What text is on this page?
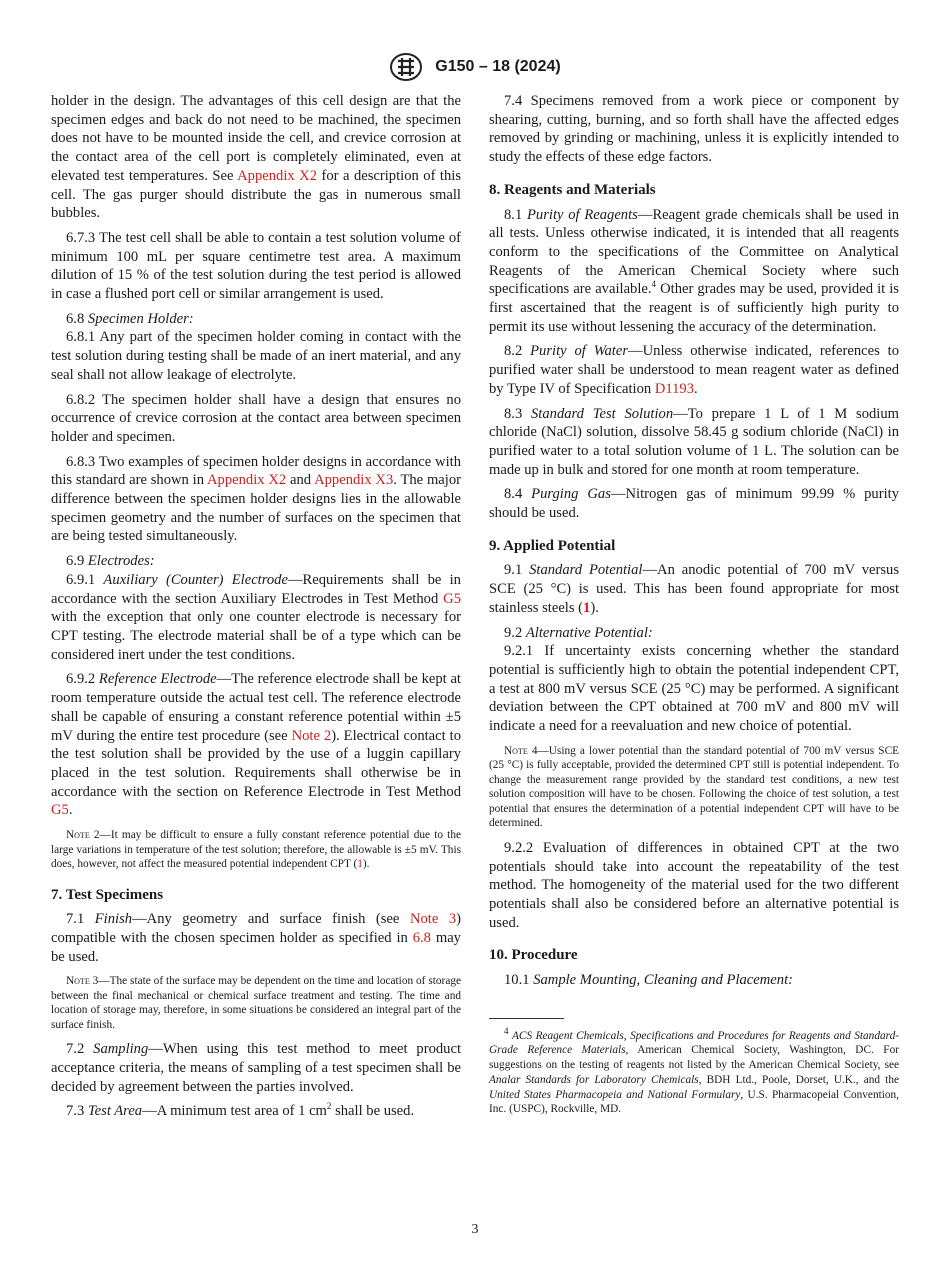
G150 – 18 (2024)

holder in the design. The advantages of this cell design are that the specimen edges and back do not need to be machined, the specimen does not have to be mounted inside the cell, and crevice corrosion at the contact area of the cell port is completely eliminated, even at elevated test temperatures. See Appendix X2 for a description of this cell. The gas purger should distribute the gas in numerous small bubbles.

6.7.3 The test cell shall be able to contain a test solution volume of minimum 100 mL per square centimetre test area. A maximum dilution of 15 % of the test solution during the test period is allowed in case a flushed port cell or similar arrangement is used.

6.8 Specimen Holder:

6.8.1 Any part of the specimen holder coming in contact with the test solution during testing shall be made of an inert material, and any seal shall not allow leakage of electrolyte.

6.8.2 The specimen holder shall have a design that ensures no occurrence of crevice corrosion at the contact area between specimen holder and specimen.

6.8.3 Two examples of specimen holder designs in accordance with this standard are shown in Appendix X2 and Appendix X3. The major difference between the specimen holder designs lies in the allowable specimen geometry and the number of surfaces on the specimen that are being tested simultaneously.

6.9 Electrodes:

6.9.1 Auxiliary (Counter) Electrode—Requirements shall be in accordance with the section Auxiliary Electrodes in Test Method G5 with the exception that only one counter electrode is necessary for CPT testing. The electrode material shall be of a type which can be considered inert under the test conditions.

6.9.2 Reference Electrode—The reference electrode shall be kept at room temperature outside the actual test cell. The reference electrode shall be capable of ensuring a constant reference potential within ±5 mV during the entire test procedure (see Note 2). Electrical contact to the test solution shall be provided by the use of a luggin capillary placed in the test solution. Requirements shall otherwise be in accordance with the section on Reference Electrode in Test Method G5.

Note 2—It may be difficult to ensure a fully constant reference potential due to the large variations in temperature of the test solution; therefore, the allowable is ±5 mV. This does, however, not affect the measured potential independent CPT (1).
7. Test Specimens

7.1 Finish—Any geometry and surface finish (see Note 3) compatible with the chosen specimen holder as specified in 6.8 may be used.

Note 3—The state of the surface may be dependent on the time and location of storage between the final mechanical or chemical surface treatment and testing. The time and location of storage may, therefore, in some situations be considered an integral part of the surface finish.

7.2 Sampling—When using this test method to meet product acceptance criteria, the means of sampling of a test specimen shall be decided by agreement between the parties involved.

7.3 Test Area—A minimum test area of 1 $cm^2$ shall be used.

7.4 Specimens removed from a work piece or component by shearing, cutting, burning, and so forth shall have the affected edges removed by grinding or machining, unless it is explicitly intended to study the effects of these edge factors.

8. Reagents and Materials

8.1 Purity of Reagents—Reagent grade chemicals shall be used in all tests. Unless otherwise indicated, it is intended that all reagents conform to the specifications of the Committee on Analytical Reagents of the American Chemical Society where such specifications are available.$^4$ Other grades may be used, provided it is first ascertained that the reagent is of sufficiently high purity to permit its use without lessening the accuracy of the determination.

8.2 Purity of Water—Unless otherwise indicated, references to purified water shall be understood to mean reagent water as defined by Type IV of Specification D1193.

8.3 Standard Test Solution—To prepare 1 L of 1 M sodium chloride (NaCl) solution, dissolve 58.45 g sodium chloride (NaCl) in purified water to a total solution volume of 1 L. The solution can be made up in bulk and stored for one month at room temperature.

8.4 Purging Gas—Nitrogen gas of minimum 99.99 % purity should be used.

9. Applied Potential

9.1 Standard Potential—An anodic potential of 700 mV versus SCE (25 °C) is used. This has been found appropriate for most stainless steels (1).

9.2 Alternative Potential:

9.2.1 If uncertainty exists concerning whether the standard potential is sufficiently high to obtain the potential independent CPT, a test at 800 mV versus SCE (25 °C) may be performed. A significant deviation between the CPT obtained at 700 mV and 800 mV will indicate a need for a reevaluation and new choice of potential.

Note 4—Using a lower potential than the standard potential of 700 mV versus SCE (25 °C) is fully acceptable, provided the determined CPT still is potential independent. To change the measurement range provided by the standard test conditions, a new test solution composition will have to be chosen. Following the choice of test solution, a test potential that ensures the determination of a potential independent CPT will have to be determined.

9.2.2 Evaluation of differences in obtained CPT at the two potentials should take into account the repeatability of the test method. The homogeneity of the material used for the two different potentials shall also be considered before an alternative potential is used.

10. Procedure

10.1 Sample Mounting, Cleaning and Placement:

$^4$ ACS Reagent Chemicals, Specifications and Procedures for Reagents and Standard-Grade Reference Materials, American Chemical Society, Washington, DC. For suggestions on the testing of reagents not listed by the American Chemical Society, see Analar Standards for Laboratory Chemicals, BDH Ltd., Poole, Dorset, U.K., and the United States Pharmacopeia and National Formulary, U.S. Pharmacopeial Convention, Inc. (USPC), Rockville, MD.
3
